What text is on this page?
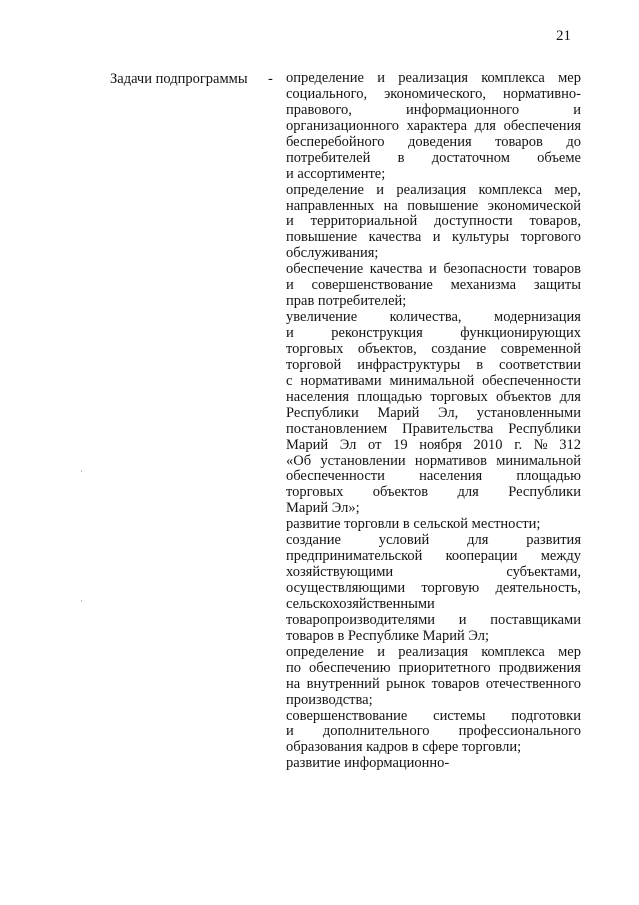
21
Задачи подпрограммы - определение и реализация комплекса мер
социального, экономического, нормативно-
правового,	информационного	и
организационного характера для обеспечения
бесперебойного доведения товаров до
потребителей в достаточном объеме
и ассортименте;
определение и реализация комплекса мер,
направленных на повышение экономической
и территориальной доступности товаров,
повышение качества и культуры торгового
обслуживания;
обеспечение качества и безопасности товаров
и совершенствование механизма защиты
прав потребителей;
увеличение количества, модернизация
и	реконструкция	функционирующих
торговых объектов, создание современной
торговой инфраструктуры в соответствии
с нормативами минимальной обеспеченности
населения площадью торговых объектов для
Республики Марий Эл, установленными
постановлением Правительства Республики
Марий Эл от 19 ноября 2010 г. № 312
«Об установлении нормативов минимальной
обеспеченности населения площадью
торговых объектов для Республики
Марий Эл»;
развитие торговли в сельской местности;
создание	условий	для	развития
предпринимательской кооперации между
хозяйствующими	субъектами,
осуществляющими торговую деятельность,
сельскохозяйственными
товаропроизводителями и поставщиками
товаров в Республике Марий Эл;
определение и реализация комплекса мер
по обеспечению приоритетного продвижения
на внутренний рынок товаров отечественного
производства;
совершенствование системы подготовки
и дополнительного профессионального
образования кадров в сфере торговли;
развитие информационно-
